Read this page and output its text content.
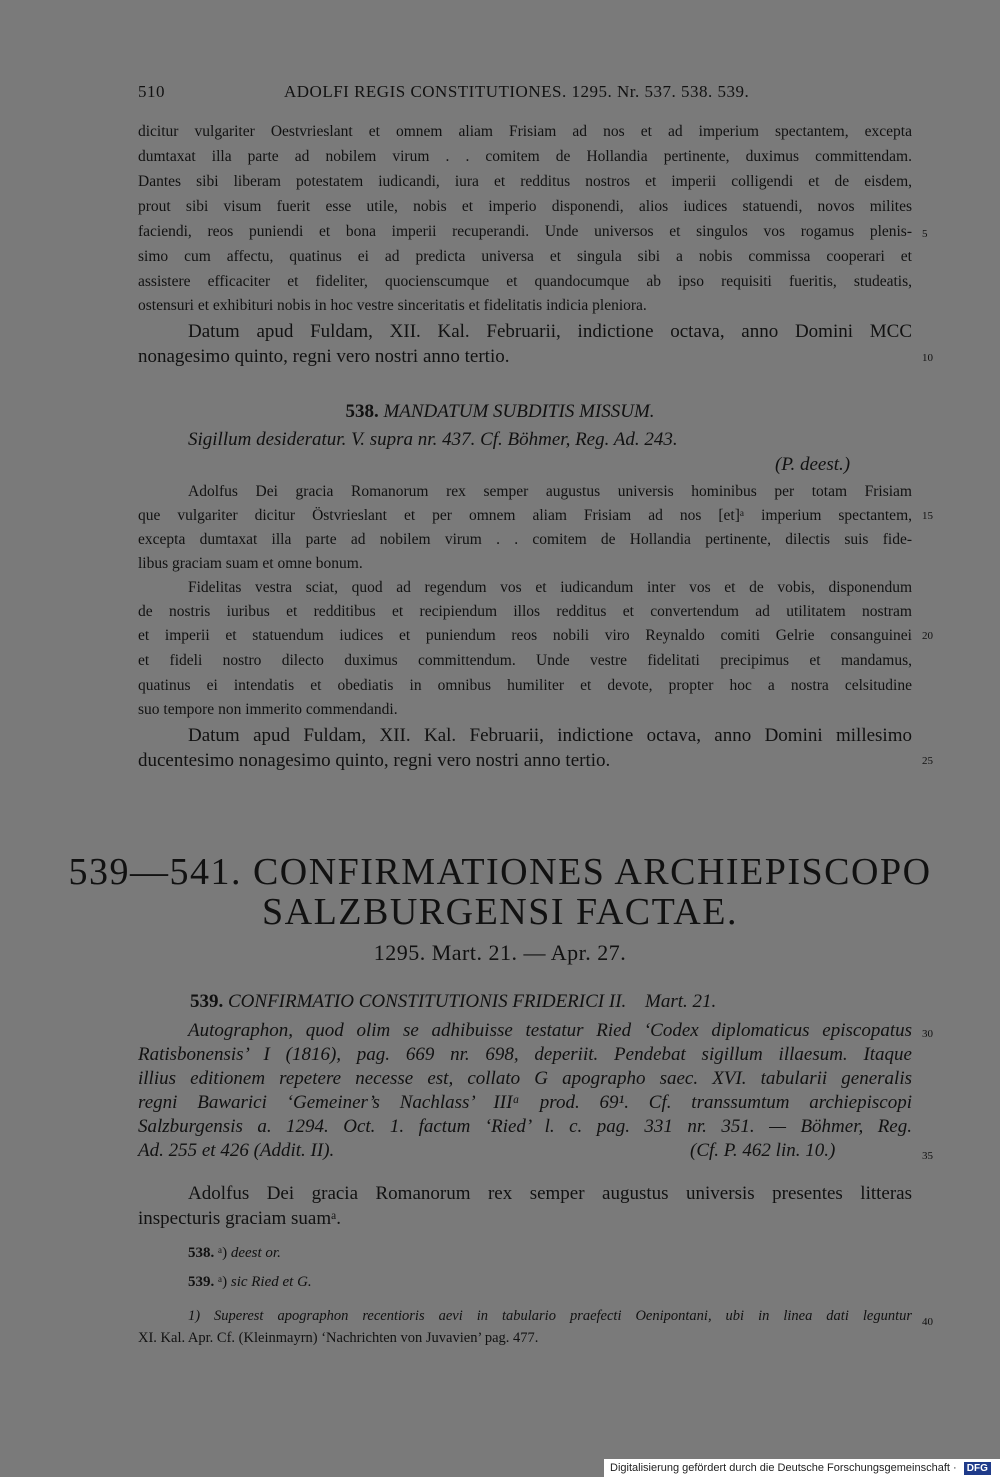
510	ADOLFI REGIS CONSTITUTIONES. 1295. Nr. 537. 538. 539.
dicitur vulgariter Oestvrieslant et omnem aliam Frisiam ad nos et ad imperium spectantem, excepta
dumtaxat illa parte ad nobilem virum . . comitem de Hollandia pertinente, duximus committendam.
Dantes sibi liberam potestatem iudicandi, iura et redditus nostros et imperii colligendi et de eisdem,
prout sibi visum fuerit esse utile, nobis et imperio disponendi, alios iudices statuendi, novos milites
faciendi, reos puniendi et bona imperii recuperandi. Unde universos et singulos vos rogamus plenis-
simo cum affectu, quatinus ei ad predicta universa et singula sibi a nobis commissa cooperari et
assistere efficaciter et fideliter, quocienscumque et quandocumque ab ipso requisiti fueritis, studeatis,
ostensuri et exhibituri nobis in hoc vestre sinceritatis et fidelitatis indicia pleniora.
Datum apud Fuldam, XII. Kal. Februarii, indictione octava, anno Domini MCC
nonagesimo quinto, regni vero nostri anno tertio.
5
10
15
20
25
30
35
40
538. MANDATUM SUBDITIS MISSUM.
Sigillum desideratur. V. supra nr. 437. Cf. Böhmer, Reg. Ad. 243.
(P. deest.)
Adolfus Dei gracia Romanorum rex semper augustus universis hominibus per totam Frisiam
que vulgariter dicitur Östvrieslant et per omnem aliam Frisiam ad nos [et]ᵃ imperium spectantem,
excepta dumtaxat illa parte ad nobilem virum . . comitem de Hollandia pertinente, dilectis suis fide-
libus graciam suam et omne bonum.
Fidelitas vestra sciat, quod ad regendum vos et iudicandum inter vos et de vobis, disponendum
de nostris iuribus et redditibus et recipiendum illos redditus et convertendum ad utilitatem nostram
et imperii et statuendum iudices et puniendum reos nobili viro Reynaldo comiti Gelrie consanguinei
et fideli nostro dilecto duximus committendum. Unde vestre fidelitati precipimus et mandamus,
quatinus ei intendatis et obediatis in omnibus humiliter et devote, propter hoc a nostra celsitudine
suo tempore non immerito commendandi.
Datum apud Fuldam, XII. Kal. Februarii, indictione octava, anno Domini millesimo
ducentesimo nonagesimo quinto, regni vero nostri anno tertio.
539—541. CONFIRMATIONES ARCHIEPISCOPO
SALZBURGENSI FACTAE.
1295. Mart. 21. — Apr. 27.
539. CONFIRMATIO CONSTITUTIONIS FRIDERICI II. Mart. 21.
Autographon, quod olim se adhibuisse testatur Ried ‘Codex diplomaticus episcopatus
Ratisbonensis’ I (1816), pag. 669 nr. 698, deperiit. Pendebat sigillum illaesum. Itaque
illius editionem repetere necesse est, collato G apographo saec. XVI. tabularii generalis
regni Bawarici ‘Gemeiner’s Nachlass’ IIIᵃ prod. 69¹. Cf. transsumtum archiepiscopi
Salzburgensis a. 1294. Oct. 1. factum ‘Ried’ l. c. pag. 331 nr. 351. — Böhmer, Reg.
Ad. 255 et 426 (Addit. II).	(Cf. P. 462 lin. 10.)
Adolfus Dei gracia Romanorum rex semper augustus universis presentes litteras
inspecturis graciam suamᵃ.
538. ᵃ) deest or.
539. ᵃ) sic Ried et G.
1) Superest apographon recentioris aevi in tabulario praefecti Oenipontani, ubi in linea dati leguntur
XI. Kal. Apr. Cf. (Kleinmayrn) ‘Nachrichten von Juvavien’ pag. 477.
Digitalisierung gefördert durch die Deutsche Forschungsgemeinschaft · DFG
